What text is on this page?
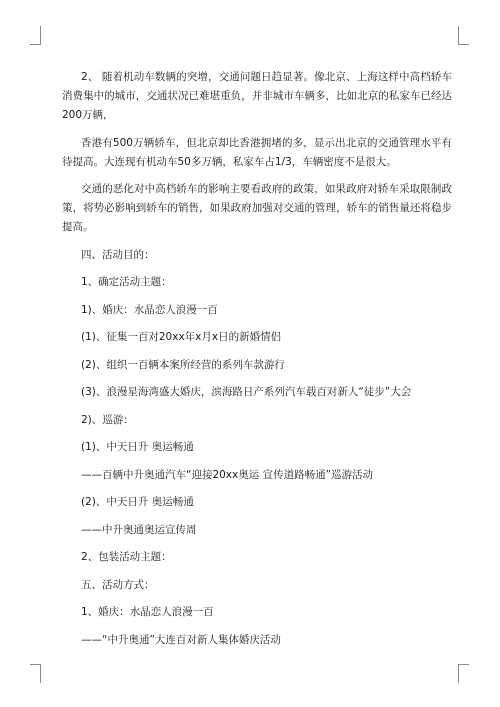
2、 随着机动车数辆的突增，交通问题日趋显著。像北京、上海这样中高档轿车消费集中的城市，交通状况已难堪重负，并非城市车辆多，比如北京的私家车已经达200万辆，

香港有500万辆轿车，但北京却比香港拥堵的多，显示出北京的交通管理水平有待提高。大连现有机动车50多万辆，私家车占1/3，车辆密度不是很大。

交通的恶化对中高档轿车的影响主要看政府的政策，如果政府对轿车采取限制政策，将势必影响到轿车的销售，如果政府加强对交通的管理，轿车的销售量还将稳步提高。

四、活动目的：

1、确定活动主题：

1)、婚庆：水晶恋人浪漫一百

(1)、征集一百对20xx年x月x日的新婚情侣

(2)、组织一百辆本案所经营的系列车款游行

(3)、浪漫星海湾盛大婚庆，滨海路日产系列汽车载百对新人“徒步”大会

2)、巡游：

(1)、中天日升 奥运畅通

——百辆中升奥通汽车“迎接20xx奥运 宣传道路畅通”巡游活动

(2)、中天日升 奥运畅通

——中升奥通奥运宣传周

2、包装活动主题：

五、活动方式：

1、婚庆：水晶恋人浪漫一百

——“中升奥通”大连百对新人集体婚庆活动
